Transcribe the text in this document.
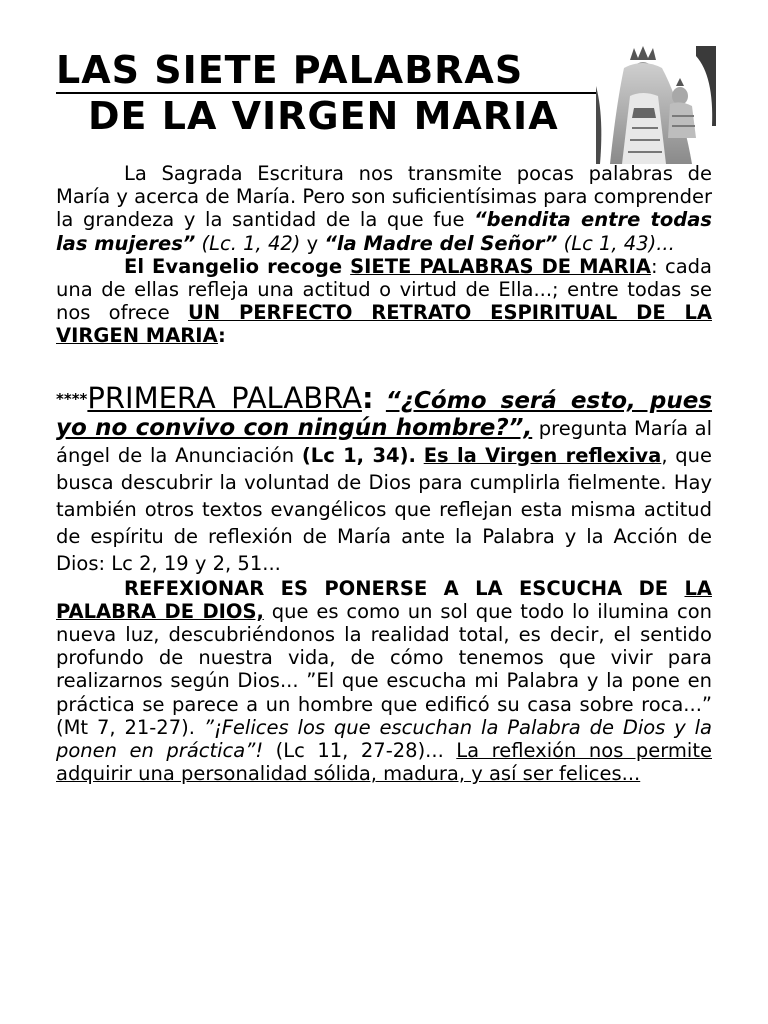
LAS SIETE PALABRAS
DE LA VIRGEN MARIA

La Sagrada Escritura nos transmite pocas palabras de María y acerca de María. Pero son suficientísimas para comprender la grandeza y la santidad de la que fue “bendita entre todas las mujeres” (Lc. 1, 42) y “la Madre del Señor” (Lc 1, 43)...

El Evangelio recoge SIETE PALABRAS DE MARIA: cada una de ellas refleja una actitud o virtud de Ella...; entre todas se nos ofrece UN PERFECTO RETRATO ESPIRITUAL DE LA VIRGEN MARIA:

****PRIMERA PALABRA: “¿Cómo será esto, pues yo no convivo con ningún hombre?”, pregunta María al ángel de la Anunciación (Lc 1, 34). Es la Virgen reflexiva, que busca descubrir la voluntad de Dios para cumplirla fielmente. Hay también otros textos evangélicos que reflejan esta misma actitud de espíritu de reflexión de María ante la Palabra y la Acción de Dios: Lc 2, 19 y 2, 51...

REFEXIONAR ES PONERSE A LA ESCUCHA DE LA PALABRA DE DIOS, que es como un sol que todo lo ilumina con nueva luz, descubriéndonos la realidad total, es decir, el sentido profundo de nuestra vida, de cómo tenemos que vivir para realizarnos según Dios... ”El que escucha mi Palabra y la pone en práctica se parece a un hombre que edificó su casa sobre roca...” (Mt 7, 21-27). ”¡Felices los que escuchan la Palabra de Dios y la ponen en práctica”! (Lc 11, 27-28)... La reflexión nos permite adquirir una personalidad sólida, madura, y así ser felices...
